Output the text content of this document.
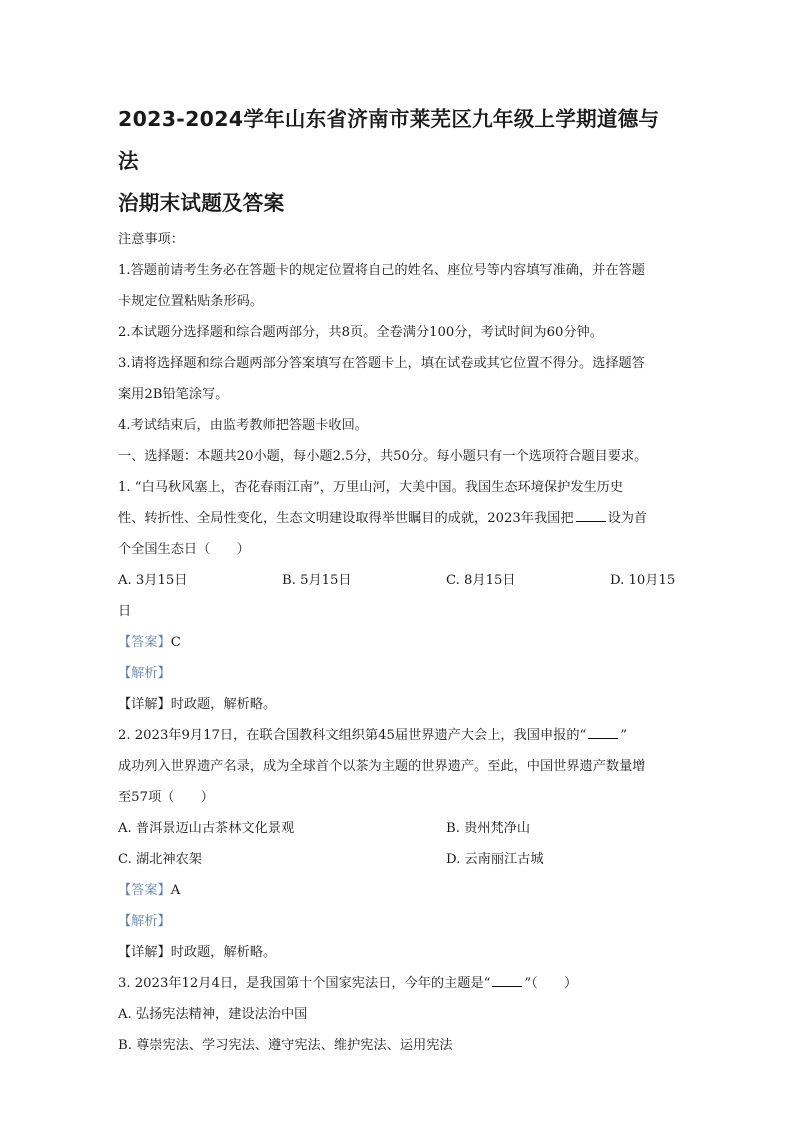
2023-2024学年山东省济南市莱芜区九年级上学期道德与法
治期末试题及答案

注意事项：

1.答题前请考生务必在答题卡的规定位置将自己的姓名、座位号等内容填写准确，并在答题

卡规定位置粘贴条形码。

2.本试题分选择题和综合题两部分，共8页。全卷满分100分，考试时间为60分钟。

3.请将选择题和综合题两部分答案填写在答题卡上，填在试卷或其它位置不得分。选择题答

案用2B铅笔涂写。

4.考试结束后，由监考教师把答题卡收回。

一、选择题：本题共20小题，每小题2.5分，共50分。每小题只有一个选项符合题目要求。

1. “白马秋风塞上，杏花春雨江南”，万里山河，大美中国。我国生态环境保护发生历史

性、转折性、全局性变化，生态文明建设取得举世瞩目的成就，2023年我国把	设为首

个全国生态日（　　）

A. 3月15日	B. 5月15日	C. 8月15日	D. 10月15

日

【答案】C

【解析】

【详解】时政题，解析略。

2. 2023年9月17日，在联合国教科文组织第45届世界遗产大会上，我国申报的“	”

成功列入世界遗产名录，成为全球首个以茶为主题的世界遗产。至此，中国世界遗产数量增

至57项（　　）

A. 普洱景迈山古茶林文化景观	B. 贵州梵净山

C. 湖北神农架	D. 云南丽江古城

【答案】A

【解析】

【详解】时政题，解析略。

3. 2023年12月4日，是我国第十个国家宪法日，今年的主题是“	”（　　）

A. 弘扬宪法精神，建设法治中国

B. 尊崇宪法、学习宪法、遵守宪法、维护宪法、运用宪法
